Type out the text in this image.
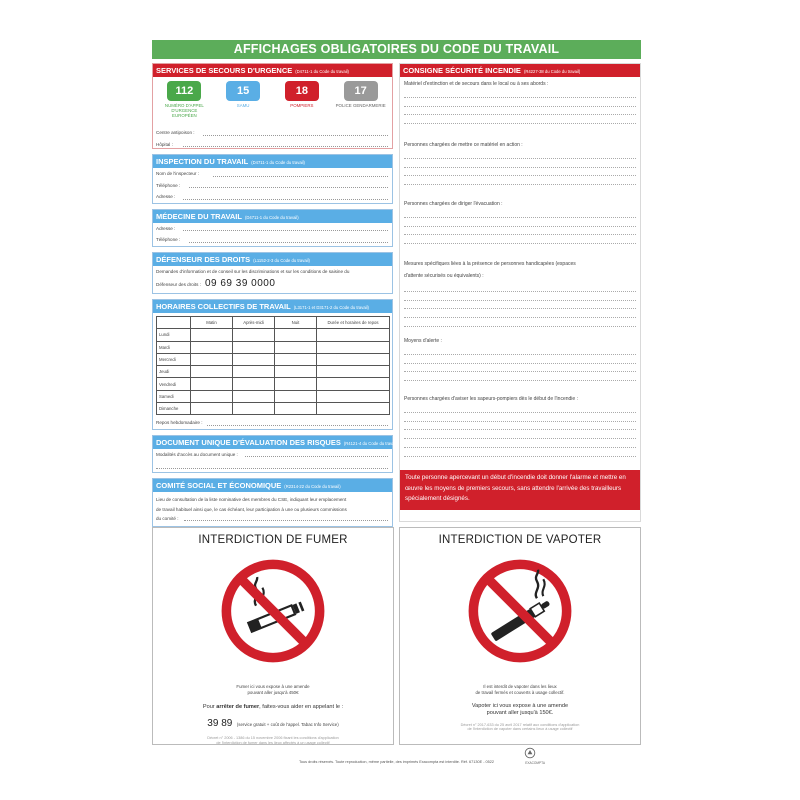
AFFICHAGES OBLIGATOIRES DU CODE DU TRAVAIL
SERVICES DE SECOURS D'URGENCE (D4711-1 du Code du travail)
112
NUMÉRO D'APPEL D'URGENCE EUROPÉEN
15
SAMU
18
POMPIERS
17
POLICE GENDARMERIE
Centre antipoison :
Hôpital :
INSPECTION DU TRAVAIL (D4711-1 du Code du travail)
Nom de l'inspecteur :
Téléphone :
Adresse :
MÉDECINE DU TRAVAIL (D4711-1 du Code du travail)
Adresse :
Téléphone :
DÉFENSEUR DES DROITS (L1152-2-3 du Code du travail)
Demandes d'information et de conseil sur les discriminations et sur les conditions de saisine du
Défenseur des droits : 09 69 39 0000
HORAIRES COLLECTIFS DE TRAVAIL (L3171-1 et D3171-2 du Code du travail)
	Matin	Après-midi	Nuit	Durée et horaires de repos
Lundi				
Mardi				
Mercredi				
Jeudi				
Vendredi				
Samedi				
Dimanche				
Repos hebdomadaire :
DOCUMENT UNIQUE D'ÉVALUATION DES RISQUES (R4121-4 du Code du travail)
Modalités d'accès au document unique :
COMITÉ SOCIAL ET ÉCONOMIQUE (R2314-22 du Code du travail)
Lieu de consultation de la liste nominative des membres du CSE, indiquant leur emplacement
de travail habituel ainsi que, le cas échéant, leur participation à une ou plusieurs commissions
du comité :
CONSIGNE SÉCURITÉ INCENDIE (R4227-38 du Code du travail)
Matériel d'extinction et de secours dans le local ou à ses abords :
Personnes chargées de mettre ce matériel en action :
Personnes chargées de diriger l'évacuation :
Mesures spécifiques liées à la présence de personnes handicapées (espaces
d'attente sécurisés ou équivalents) :
Moyens d'alerte :
Personnes chargées d'aviser les sapeurs-pompiers dès le début de l'incendie :
Toute personne apercevant un début d'incendie doit donner l'alarme et mettre en œuvre les moyens de premiers secours, sans attendre l'arrivée des travailleurs spécialement désignés.
INTERDICTION DE FUMER
Fumer ici vous expose à une amende
pouvant aller jusqu'à 450€
Pour arrêter de fumer, faites-vous aider en appelant le :
39 89 (service gratuit + coût de l'appel. Tabac Info Service)
Décret n° 2006 - 1386 du 15 novembre 2006 fixant les conditions d'application
de l'interdiction de fumer dans les lieux affectés à un usage collectif
INTERDICTION DE VAPOTER
Il est interdit de vapoter dans les lieux
de travail fermés et couverts à usage collectif.
Vapoter ici vous expose à une amende
pouvant aller jusqu'à 150€.
Décret n° 2017-633 du 25 avril 2017 relatif aux conditions d'application
de l'interdiction de vapoter dans certains lieux à usage collectif
EXACOMPTA
Tous droits réservés. Toute reproduction, même partielle, des imprimés Exacompta est interdite. Réf. 67130E - 0522
